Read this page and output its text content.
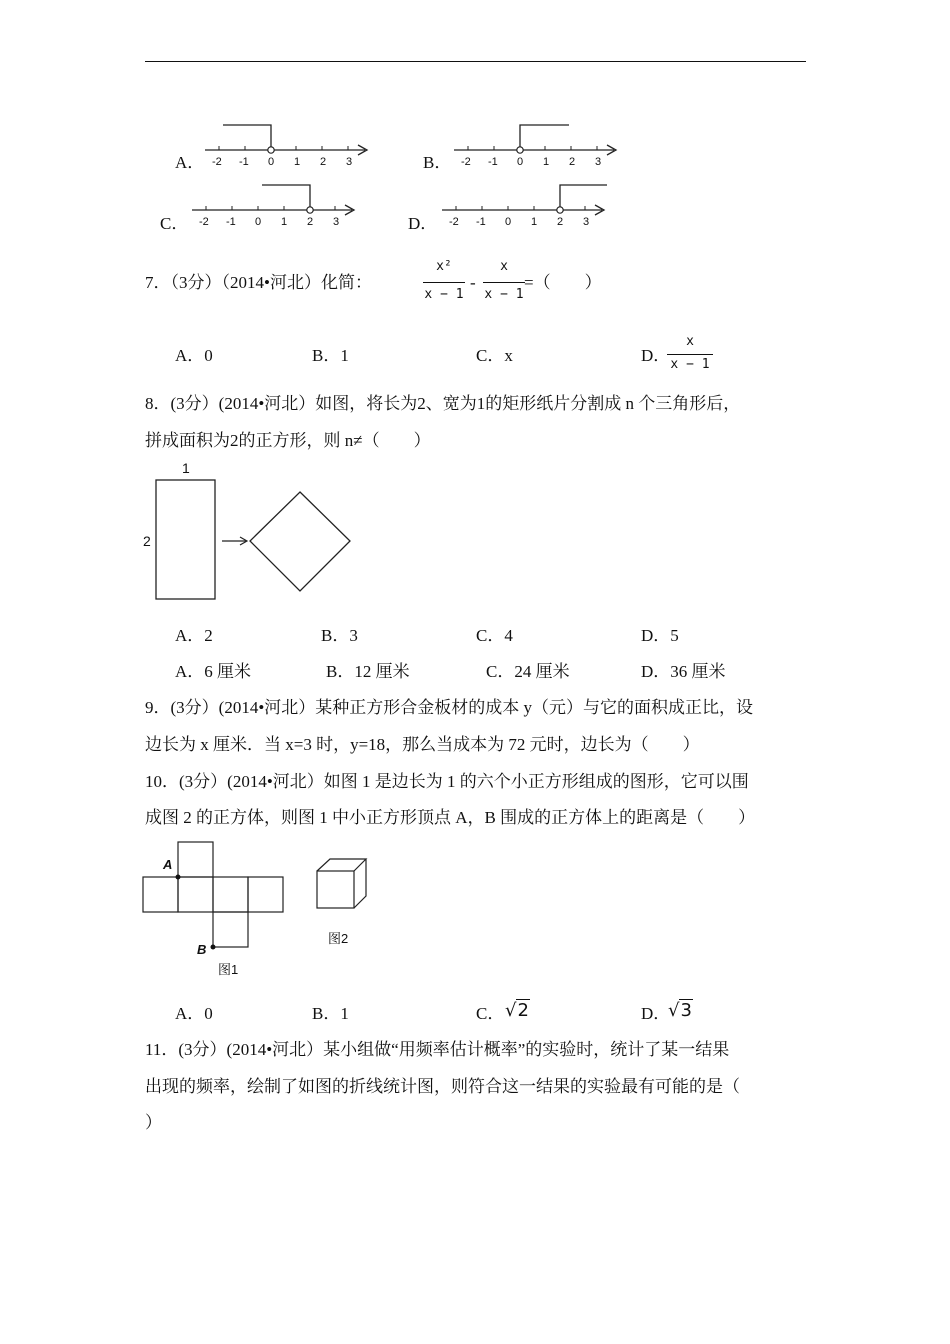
A． -2 -1 0 1 2 3	B． -2 -1 0 1 2 3
C． -2 -1 0 1 2 3	D． -2 -1 0 1 2 3
7．（3分）（2014•河北）化简：
x²
x − 1
-
x
x − 1
=（　　）
A．0	B．1	C．x	D．
x
x − 1
8．(3分）(2014•河北）如图，将长为2、宽为1的矩形纸片分割成 n 个三角形后，
拼成面积为2的正方形，则 n≠（　　）
1
2
A．2	B．3	C．4	D．5
A．6 厘米	B．12 厘米	C．24 厘米	D．36 厘米
9．(3分）(2014•河北）某种正方形合金板材的成本 y（元）与它的面积成正比，设
边长为 x 厘米．当 x=3 时，y=18，那么当成本为 72 元时，边长为（　　）
10．(3分）(2014•河北）如图 1 是边长为 1 的六个小正方形组成的图形，它可以围
成图 2 的正方体，则图 1 中小正方形顶点 A，B 围成的正方体上的距离是（　　）
A
B
图1
图2
A．0	B．1	C． √2	D．
√3
11．(3分）(2014•河北）某小组做“用频率估计概率”的实验时，统计了某一结果
出现的频率，绘制了如图的折线统计图，则符合这一结果的实验最有可能的是（
）
